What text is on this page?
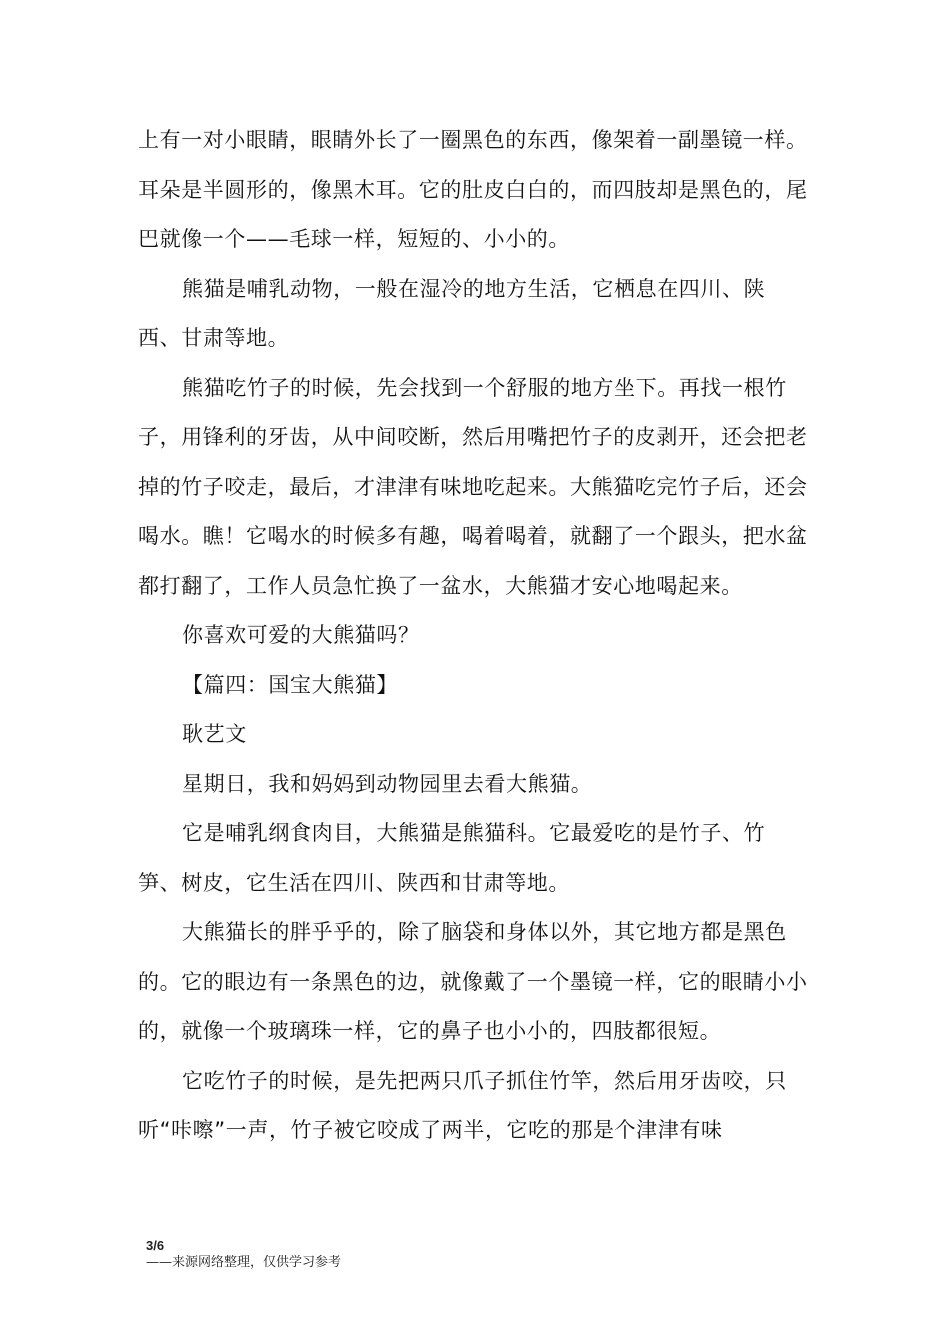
上有一对小眼睛，眼睛外长了一圈黑色的东西，像架着一副墨镜一样。耳朵是半圆形的，像黑木耳。它的肚皮白白的，而四肢却是黑色的，尾巴就像一个——毛球一样，短短的、小小的。

熊猫是哺乳动物，一般在湿冷的地方生活，它栖息在四川、陕西、甘肃等地。

熊猫吃竹子的时候，先会找到一个舒服的地方坐下。再找一根竹子，用锋利的牙齿，从中间咬断，然后用嘴把竹子的皮剥开，还会把老掉的竹子咬走，最后，才津津有味地吃起来。大熊猫吃完竹子后，还会喝水。瞧！它喝水的时候多有趣，喝着喝着，就翻了一个跟头，把水盆都打翻了，工作人员急忙换了一盆水，大熊猫才安心地喝起来。

你喜欢可爱的大熊猫吗？

【篇四：国宝大熊猫】

耿艺文

星期日，我和妈妈到动物园里去看大熊猫。

它是哺乳纲食肉目，大熊猫是熊猫科。它最爱吃的是竹子、竹笋、树皮，它生活在四川、陕西和甘肃等地。

大熊猫长的胖乎乎的，除了脑袋和身体以外，其它地方都是黑色的。它的眼边有一条黑色的边，就像戴了一个墨镜一样，它的眼睛小小的，就像一个玻璃珠一样，它的鼻子也小小的，四肢都很短。

它吃竹子的时候，是先把两只爪子抓住竹竿，然后用牙齿咬，只听“咔嚓”一声，竹子被它咬成了两半，它吃的那是个津津有味

3/6
——来源网络整理，仅供学习参考
